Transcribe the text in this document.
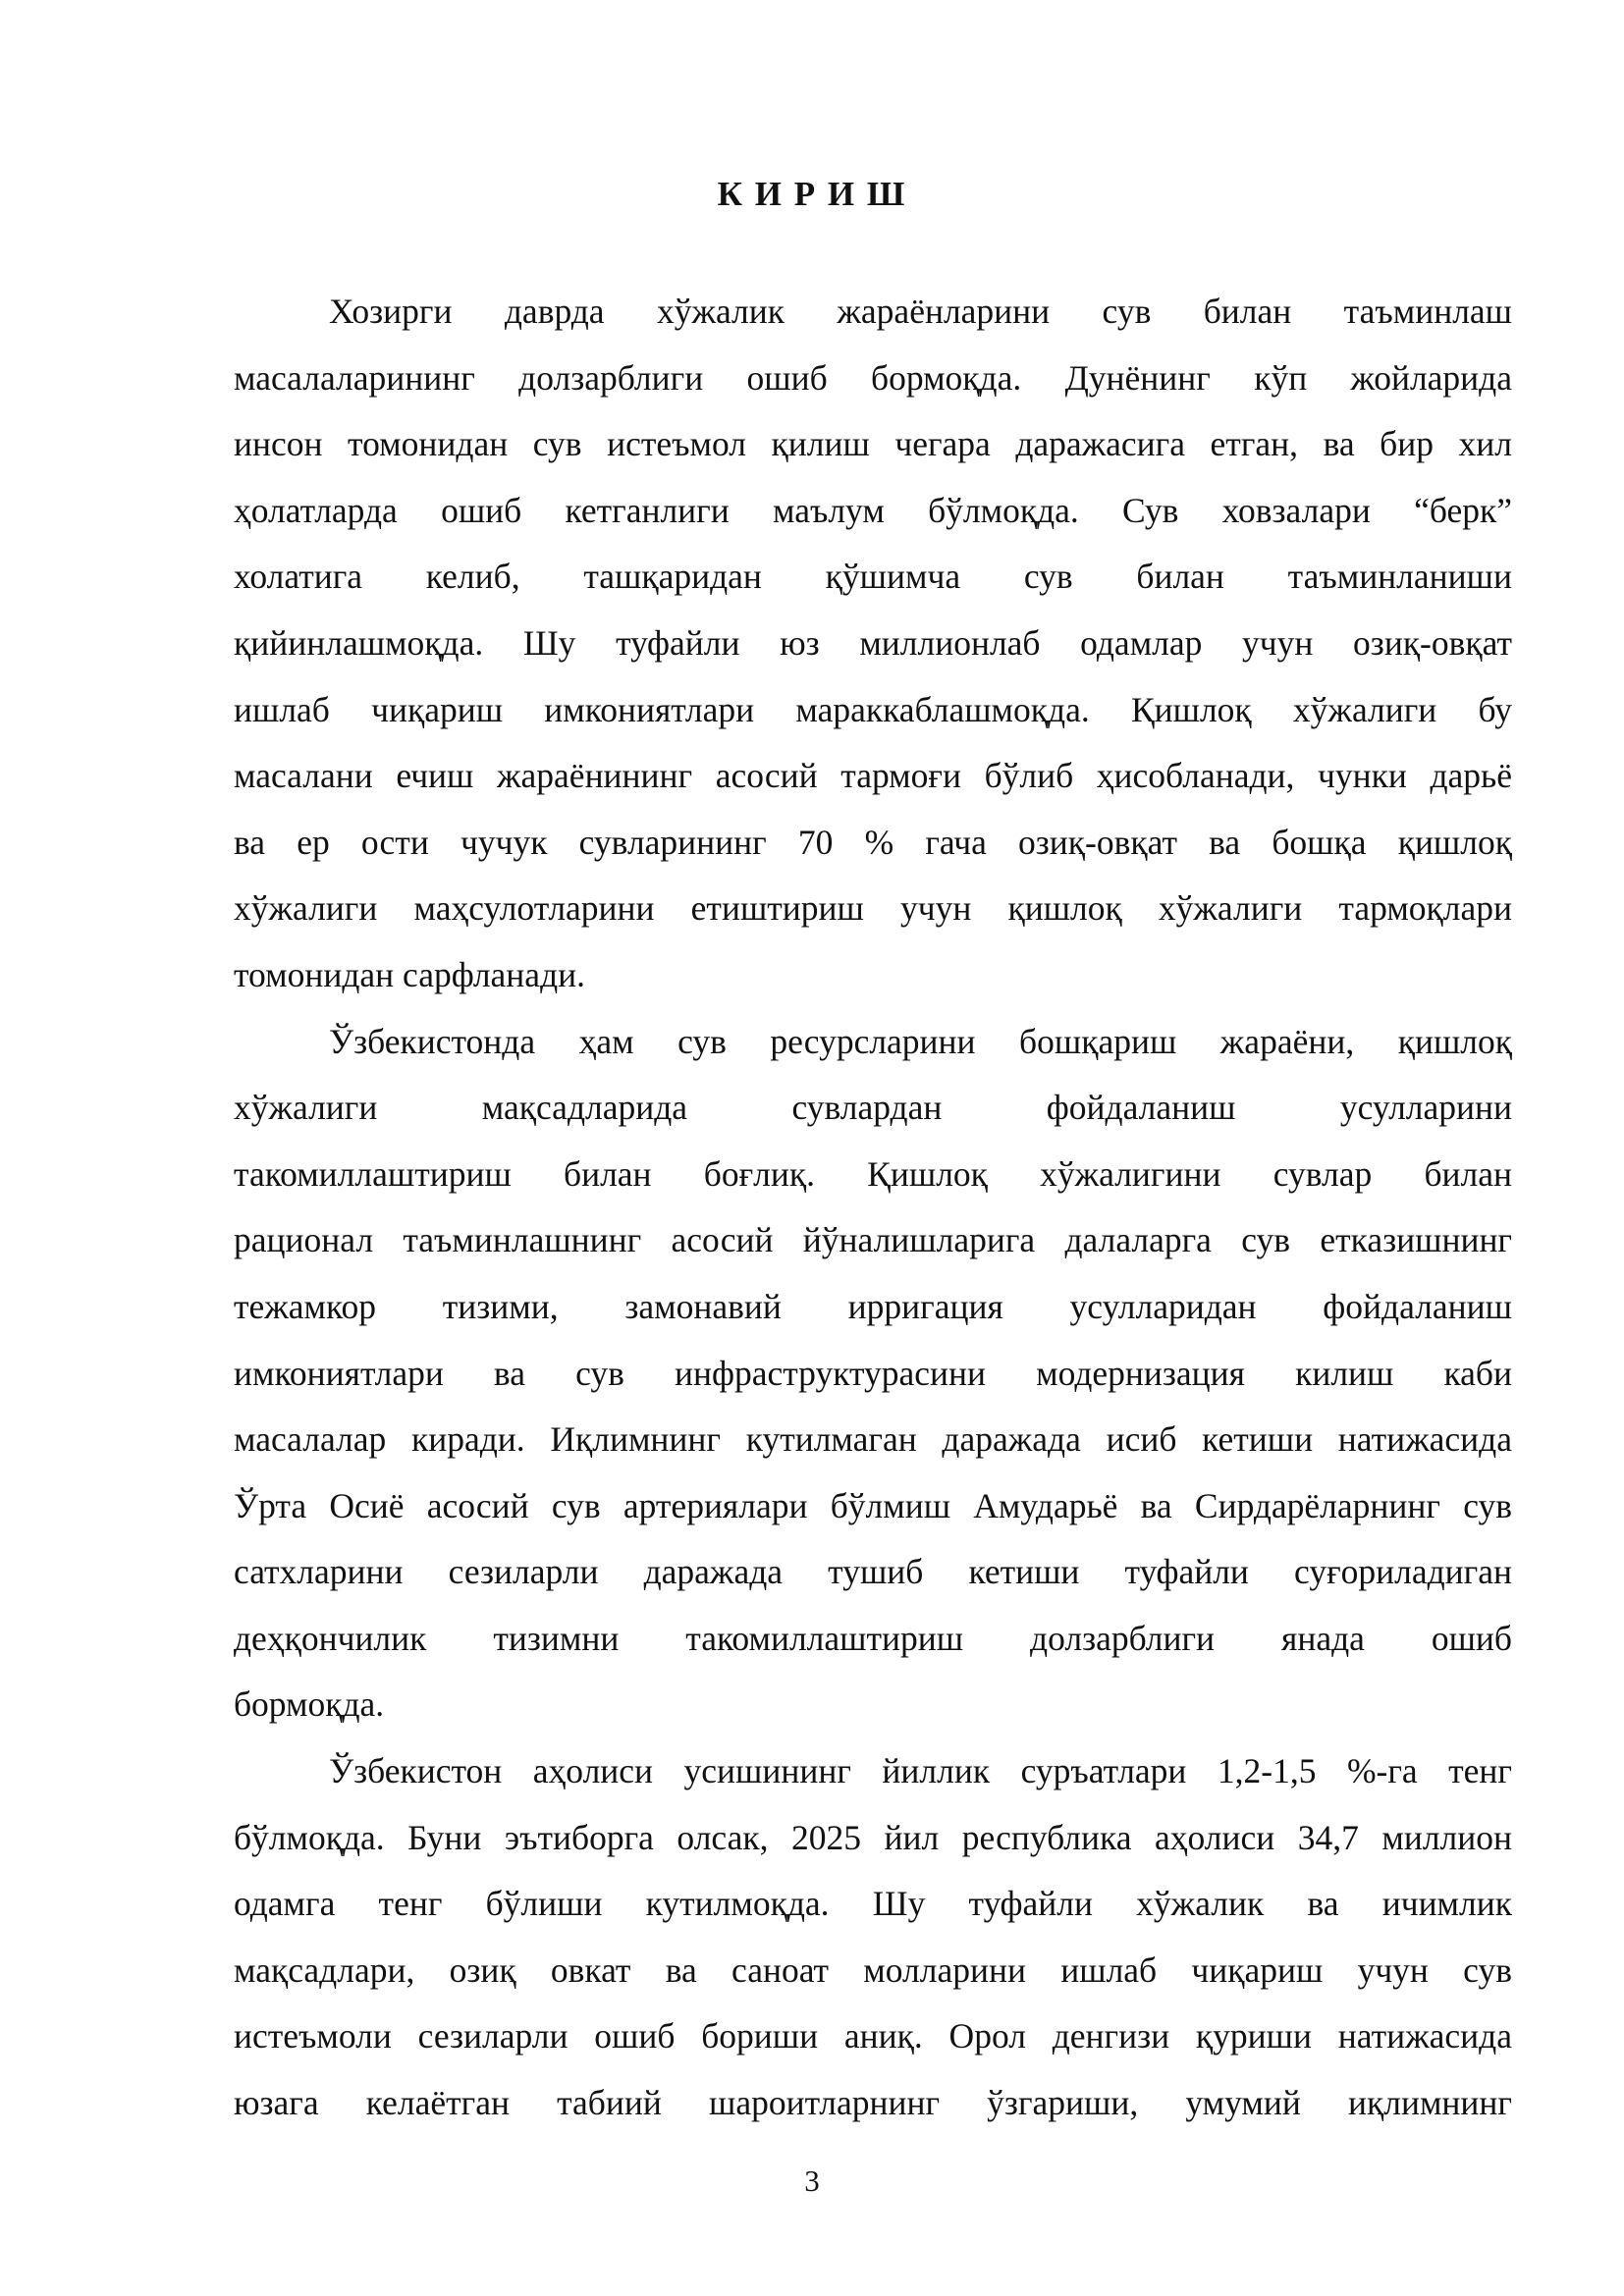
К И Р И Ш

Хозирги даврда хўжалик жараёнларини сув билан таъминлаш
масалаларининг долзарблиги ошиб бормоқда. Дунёнинг кўп жойларида
инсон томонидан сув истеъмол қилиш чегара даражасига етган, ва бир хил
ҳолатларда ошиб кетганлиги маълум бўлмоқда. Сув ховзалари “берк”
холатига келиб, ташқаридан қўшимча сув билан таъминланиши
қийинлашмоқда. Шу туфайли юз миллионлаб одамлар учун озиқ-овқат
ишлаб чиқариш имкониятлари мараккаблашмоқда. Қишлоқ хўжалиги бу
масалани ечиш жараёнининг асосий тармоғи бўлиб ҳисобланади, чунки дарьё
ва ер ости чучук сувларининг 70 % гача озиқ-овқат ва бошқа қишлоқ
хўжалиги маҳсулотларини етиштириш учун қишлоқ хўжалиги тармоқлари
томонидан сарфланади.

Ўзбекистонда ҳам сув ресурсларини бошқариш жараёни, қишлоқ
хўжалиги мақсадларида сувлардан фойдаланиш усулларини
такомиллаштириш билан боғлиқ. Қишлоқ хўжалигини сувлар билан
рационал таъминлашнинг асосий йўналишларига далаларга сув етказишнинг
тежамкор тизими, замонавий ирригация усулларидан фойдаланиш
имкониятлари ва сув инфраструктурасини модернизация килиш каби
масалалар киради. Иқлимнинг кутилмаган даражада исиб кетиши натижасида
Ўрта Осиё асосий сув артериялари бўлмиш Амударьё ва Сирдарёларнинг сув
сатхларини сезиларли даражада тушиб кетиши туфайли суғориладиган
деҳқончилик тизимни такомиллаштириш долзарблиги янада ошиб
бормоқда.

Ўзбекистон аҳолиси усишининг йиллик суръатлари 1,2-1,5 %-га тенг
бўлмоқда. Буни эътиборга олсак, 2025 йил республика аҳолиси 34,7 миллион
одамга тенг бўлиши кутилмоқда. Шу туфайли хўжалик ва ичимлик
мақсадлари, озиқ овкат ва саноат молларини ишлаб чиқариш учун сув
истеъмоли сезиларли ошиб бориши аниқ. Орол денгизи қуриши натижасида
юзага келаётган табиий шароитларнинг ўзгариши, умумий иқлимнинг

3
